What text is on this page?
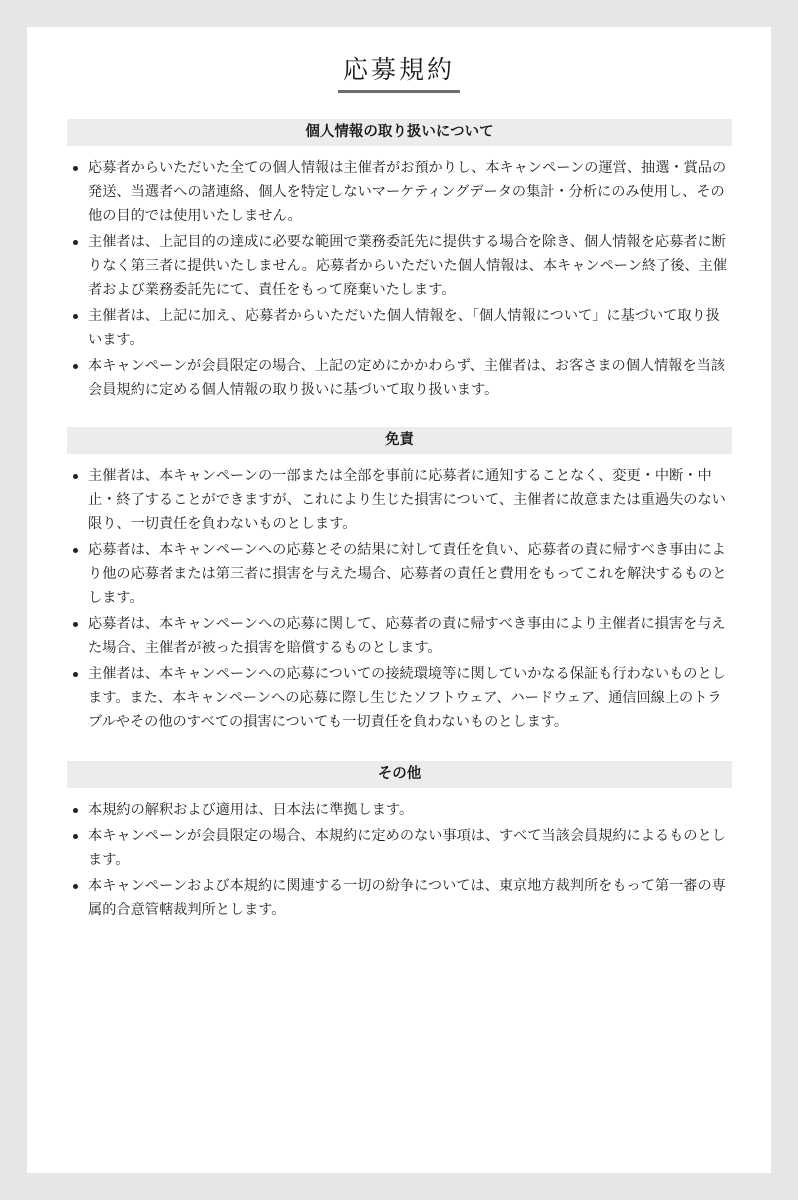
応募規約
個人情報の取り扱いについて
応募者からいただいた全ての個人情報は主催者がお預かりし、本キャンペーンの運営、抽選・賞品の発送、当選者への諸連絡、個人を特定しないマーケティングデータの集計・分析にのみ使用し、その他の目的では使用いたしません。
主催者は、上記目的の達成に必要な範囲で業務委託先に提供する場合を除き、個人情報を応募者に断りなく第三者に提供いたしません。応募者からいただいた個人情報は、本キャンペーン終了後、主催者および業務委託先にて、責任をもって廃棄いたします。
主催者は、上記に加え、応募者からいただいた個人情報を、「個人情報について」に基づいて取り扱います。
本キャンペーンが会員限定の場合、上記の定めにかかわらず、主催者は、お客さまの個人情報を当該会員規約に定める個人情報の取り扱いに基づいて取り扱います。
免責
主催者は、本キャンペーンの一部または全部を事前に応募者に通知することなく、変更・中断・中止・終了することができますが、これにより生じた損害について、主催者に故意または重過失のない限り、一切責任を負わないものとします。
応募者は、本キャンペーンへの応募とその結果に対して責任を負い、応募者の責に帰すべき事由により他の応募者または第三者に損害を与えた場合、応募者の責任と費用をもってこれを解決するものとします。
応募者は、本キャンペーンへの応募に関して、応募者の責に帰すべき事由により主催者に損害を与えた場合、主催者が被った損害を賠償するものとします。
主催者は、本キャンペーンへの応募についての接続環境等に関していかなる保証も行わないものとします。また、本キャンペーンへの応募に際し生じたソフトウェア、ハードウェア、通信回線上のトラブルやその他のすべての損害についても一切責任を負わないものとします。
その他
本規約の解釈および適用は、日本法に準拠します。
本キャンペーンが会員限定の場合、本規約に定めのない事項は、すべて当該会員規約によるものとします。
本キャンペーンおよび本規約に関連する一切の紛争については、東京地方裁判所をもって第一審の専属的合意管轄裁判所とします。
